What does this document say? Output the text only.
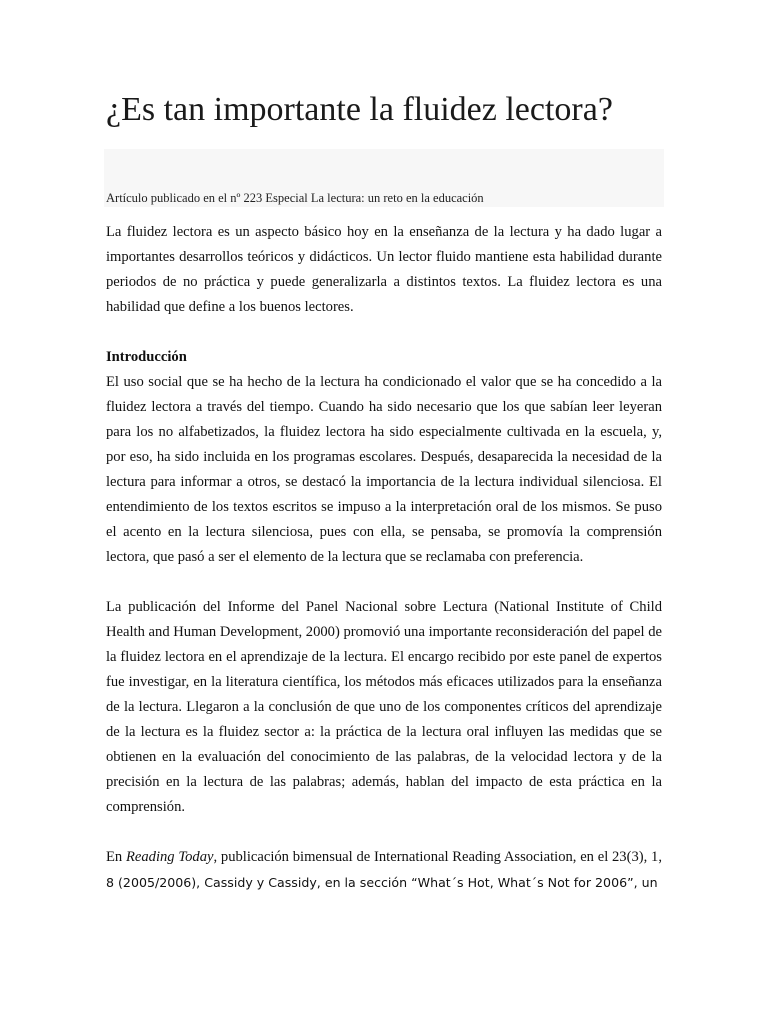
¿Es tan importante la fluidez lectora?
Artículo publicado en el nº 223 Especial La lectura: un reto en la educación

La fluidez lectora es un aspecto básico hoy en la enseñanza de la lectura y ha dado lugar a importantes desarrollos teóricos y didácticos. Un lector fluido mantiene esta habilidad durante periodos de no práctica y puede generalizarla a distintos textos. La fluidez lectora es una habilidad que define a los buenos lectores.

Introducción

El uso social que se ha hecho de la lectura ha condicionado el valor que se ha concedido a la fluidez lectora a través del tiempo. Cuando ha sido necesario que los que sabían leer leyeran para los no alfabetizados, la fluidez lectora ha sido especialmente cultivada en la escuela, y, por eso, ha sido incluida en los programas escolares. Después, desaparecida la necesidad de la lectura para informar a otros, se destacó la importancia de la lectura individual silenciosa. El entendimiento de los textos escritos se impuso a la interpretación oral de los mismos. Se puso el acento en la lectura silenciosa, pues con ella, se pensaba, se promovía la comprensión lectora, que pasó a ser el elemento de la lectura que se reclamaba con preferencia.

La publicación del Informe del Panel Nacional sobre Lectura (National Institute of Child Health and Human Development, 2000) promovió una importante reconsideración del papel de la fluidez lectora en el aprendizaje de la lectura. El encargo recibido por este panel de expertos fue investigar, en la literatura científica, los métodos más eficaces utilizados para la enseñanza de la lectura. Llegaron a la conclusión de que uno de los componentes críticos del aprendizaje de la lectura es la fluidez sector a: la práctica de la lectura oral influyen las medidas que se obtienen en la evaluación del conocimiento de las palabras, de la velocidad lectora y de la precisión en la lectura de las palabras; además, hablan del impacto de esta práctica en la comprensión.

En Reading Today, publicación bimensual de International Reading Association, en el 23(3), 1, 8 (2005/2006), Cassidy y Cassidy, en la sección “What´s Hot, What´s Not for 2006”, un
